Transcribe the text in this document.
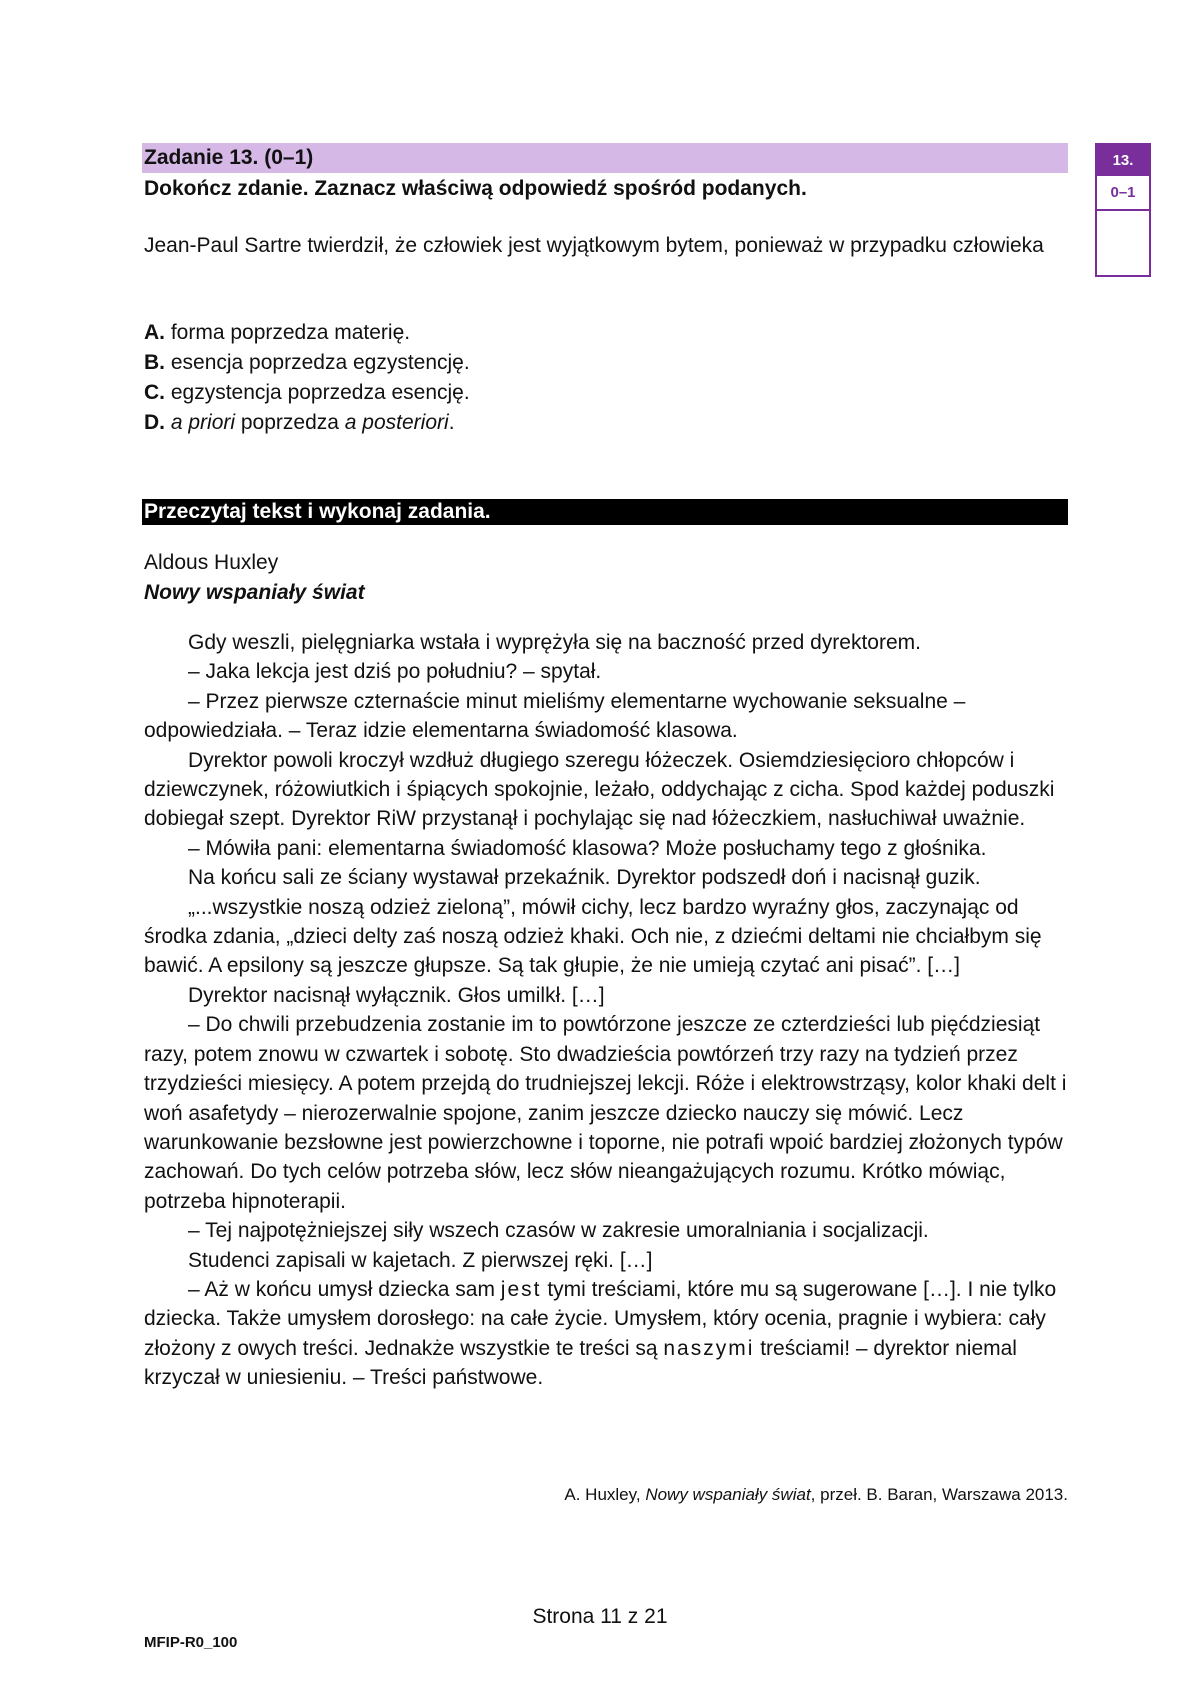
Zadanie 13. (0–1)
Dokończ zdanie. Zaznacz właściwą odpowiedź spośród podanych.
Jean-Paul Sartre twierdził, że człowiek jest wyjątkowym bytem, ponieważ w przypadku człowieka
A. forma poprzedza materię.
B. esencja poprzedza egzystencję.
C. egzystencja poprzedza esencję.
D. a priori poprzedza a posteriori.
13.
0–1
Przeczytaj tekst i wykonaj zadania.
Aldous Huxley
Nowy wspaniały świat

Gdy weszli, pielęgniarka wstała i wyprężyła się na baczność przed dyrektorem.

– Jaka lekcja jest dziś po południu? – spytał.

– Przez pierwsze czternaście minut mieliśmy elementarne wychowanie seksualne – odpowiedziała. – Teraz idzie elementarna świadomość klasowa.

Dyrektor powoli kroczył wzdłuż długiego szeregu łóżeczek. Osiemdziesięcioro chłopców i dziewczynek, różowiutkich i śpiących spokojnie, leżało, oddychając z cicha. Spod każdej poduszki dobiegał szept. Dyrektor RiW przystanął i pochylając się nad łóżeczkiem, nasłuchiwał uważnie.

– Mówiła pani: elementarna świadomość klasowa? Może posłuchamy tego z głośnika.

Na końcu sali ze ściany wystawał przekaźnik. Dyrektor podszedł doń i nacisnął guzik.

„...wszystkie noszą odzież zieloną”, mówił cichy, lecz bardzo wyraźny głos, zaczynając od środka zdania, „dzieci delty zaś noszą odzież khaki. Och nie, z dziećmi deltami nie chciałbym się bawić. A epsilony są jeszcze głupsze. Są tak głupie, że nie umieją czytać ani pisać”. […]

Dyrektor nacisnął wyłącznik. Głos umilkł. […]

– Do chwili przebudzenia zostanie im to powtórzone jeszcze ze czterdzieści lub pięćdziesiąt razy, potem znowu w czwartek i sobotę. Sto dwadzieścia powtórzeń trzy razy na tydzień przez trzydzieści miesięcy. A potem przejdą do trudniejszej lekcji. Róże i elektrowstrząsy, kolor khaki delt i woń asafetydy – nierozerwalnie spojone, zanim jeszcze dziecko nauczy się mówić. Lecz warunkowanie bezsłowne jest powierzchowne i toporne, nie potrafi wpoić bardziej złożonych typów zachowań. Do tych celów potrzeba słów, lecz słów nieangażujących rozumu. Krótko mówiąc, potrzeba hipnoterapii.

– Tej najpotężniejszej siły wszech czasów w zakresie umoralniania i socjalizacji.

Studenci zapisali w kajetach. Z pierwszej ręki. […]

– Aż w końcu umysł dziecka sam jest tymi treściami, które mu są sugerowane […]. I nie tylko dziecka. Także umysłem dorosłego: na całe życie. Umysłem, który ocenia, pragnie i wybiera: cały złożony z owych treści. Jednakże wszystkie te treści są naszymi treściami! – dyrektor niemal krzyczał w uniesieniu. – Treści państwowe.

A. Huxley, Nowy wspaniały świat, przeł. B. Baran, Warszawa 2013.
Strona 11 z 21
MFIP-R0_100
